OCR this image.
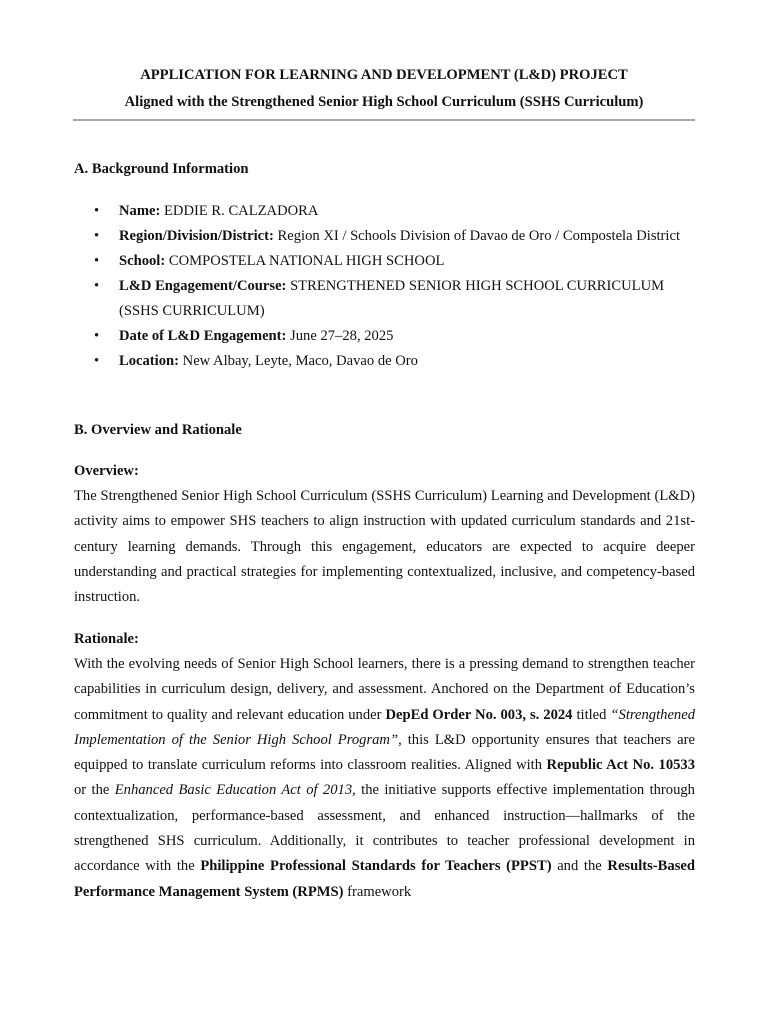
APPLICATION FOR LEARNING AND DEVELOPMENT (L&D) PROJECT
Aligned with the Strengthened Senior High School Curriculum (SSHS Curriculum)
A. Background Information
• Name: EDDIE R. CALZADORA
• Region/Division/District: Region XI / Schools Division of Davao de Oro / Compostela District
• School: COMPOSTELA NATIONAL HIGH SCHOOL
• L&D Engagement/Course: STRENGTHENED SENIOR HIGH SCHOOL CURRICULUM (SSHS CURRICULUM)
• Date of L&D Engagement: June 27–28, 2025
• Location: New Albay, Leyte, Maco, Davao de Oro
B. Overview and Rationale
Overview:

The Strengthened Senior High School Curriculum (SSHS Curriculum) Learning and Development (L&D) activity aims to empower SHS teachers to align instruction with updated curriculum standards and 21st-century learning demands. Through this engagement, educators are expected to acquire deeper understanding and practical strategies for implementing contextualized, inclusive, and competency-based instruction.

Rationale:

With the evolving needs of Senior High School learners, there is a pressing demand to strengthen teacher capabilities in curriculum design, delivery, and assessment. Anchored on the Department of Education’s commitment to quality and relevant education under DepEd Order No. 003, s. 2024 titled “Strengthened Implementation of the Senior High School Program”, this L&D opportunity ensures that teachers are equipped to translate curriculum reforms into classroom realities. Aligned with Republic Act No. 10533 or the Enhanced Basic Education Act of 2013, the initiative supports effective implementation through contextualization, performance-based assessment, and enhanced instruction—hallmarks of the strengthened SHS curriculum. Additionally, it contributes to teacher professional development in accordance with the Philippine Professional Standards for Teachers (PPST) and the Results-Based Performance Management System (RPMS) framework
